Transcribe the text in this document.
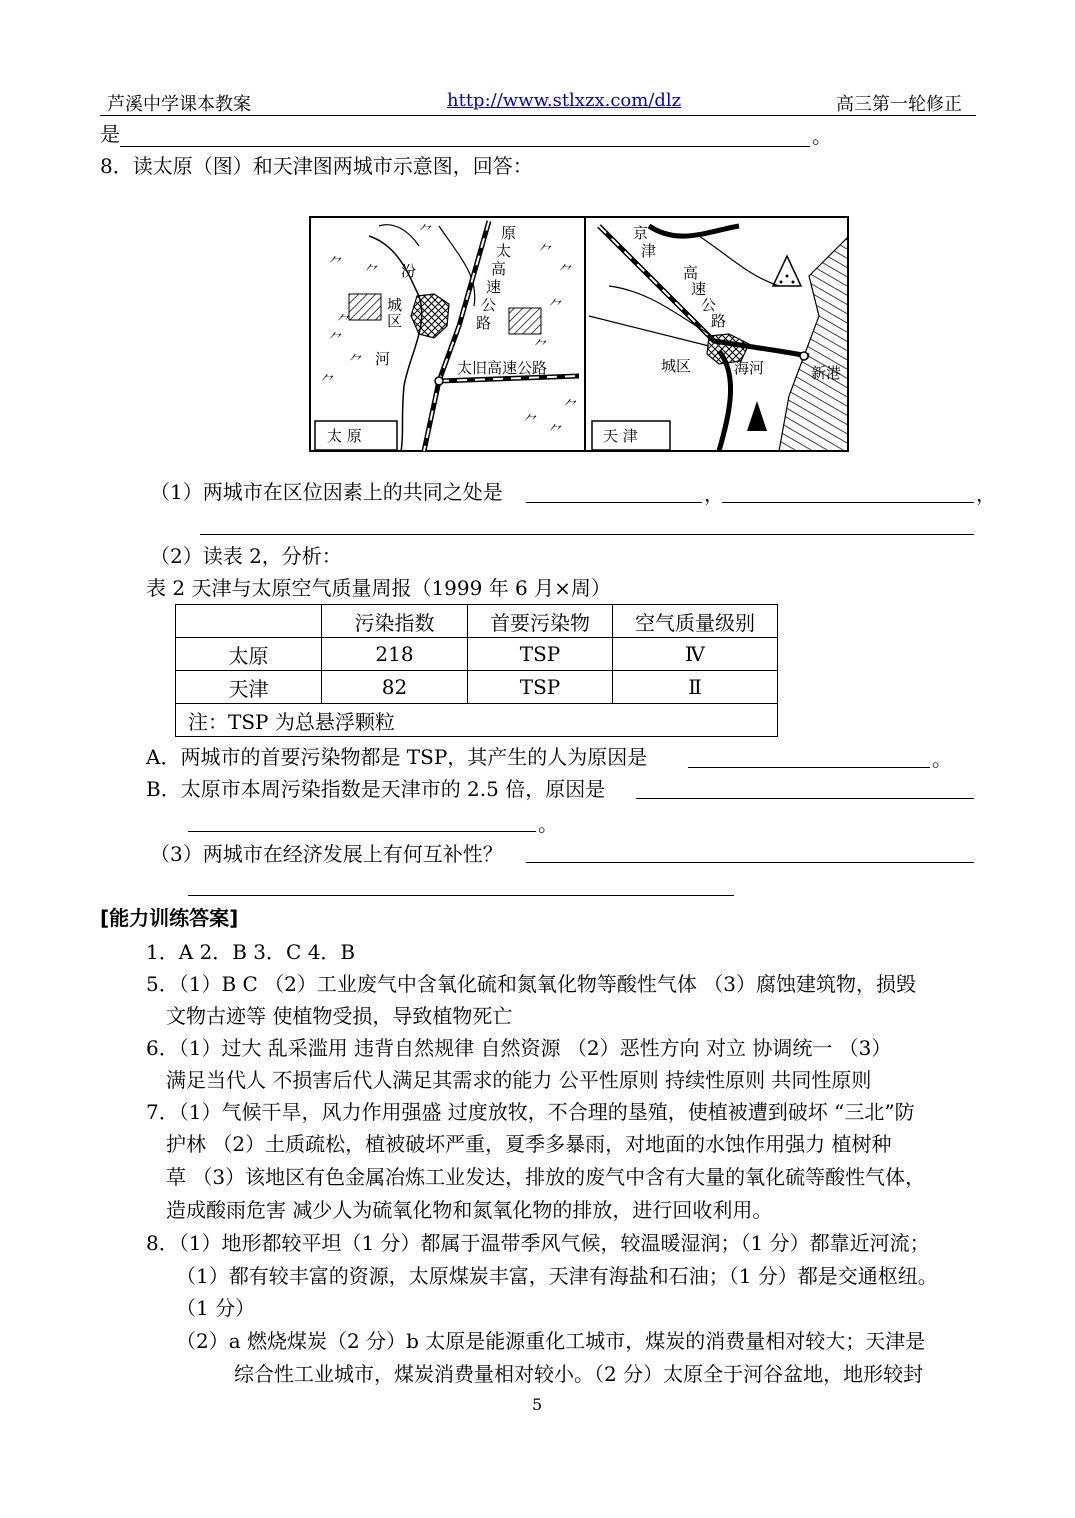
芦溪中学课本教案	http://www.stlxzx.com/dlz	高三第一轮修正
是	。
8．读太原（图）和天津图两城市示意图，回答：
⺈ ⺈
⺈
⺈
⺈
⺈
⺈
⺈
⺈
⺈
⺈
⺈
⺈
⺈
太 原
汾
河
城
区
原
太
高
速
公
路
太旧高速公路
天 津
京
津
高
速
公
路
城区	海河	新港
（1）两城市在区位因素上的共同之处是	，	，
（2）读表 2，分析：
表 2 天津与太原空气质量周报（1999 年 6 月×周）
	污染指数	首要污染物	空气质量级别
太原	218	TSP	Ⅳ
天津	82	TSP	Ⅱ
注：TSP 为总悬浮颗粒			
A．两城市的首要污染物都是 TSP，其产生的人为原因是	。
B．太原市本周污染指数是天津市的 2.5 倍，原因是
。
（3）两城市在经济发展上有何互补性？
[能力训练答案]
1．A 2．B 3．C 4．B
5．（1）B C （2）工业废气中含氧化硫和氮氧化物等酸性气体 （3）腐蚀建筑物，损毁
文物古迹等 使植物受损，导致植物死亡
6．（1）过大 乱采滥用 违背自然规律 自然资源 （2）恶性方向 对立 协调统一 （3）
满足当代人 不损害后代人满足其需求的能力 公平性原则 持续性原则 共同性原则
7．（1）气候干旱，风力作用强盛 过度放牧，不合理的垦殖，使植被遭到破坏 “三北”防
护林 （2）土质疏松，植被破坏严重，夏季多暴雨，对地面的水蚀作用强力 植树种
草 （3）该地区有色金属冶炼工业发达，排放的废气中含有大量的氧化硫等酸性气体，
造成酸雨危害 减少人为硫氧化物和氮氧化物的排放，进行回收利用。
8．（1）地形都较平坦（1 分）都属于温带季风气候，较温暖湿润；（1 分）都靠近河流；
（1）都有较丰富的资源，太原煤炭丰富，天津有海盐和石油；（1 分）都是交通枢纽。
（1 分）
（2）a 燃烧煤炭（2 分）b 太原是能源重化工城市，煤炭的消费量相对较大；天津是
综合性工业城市，煤炭消费量相对较小。（2 分）太原全于河谷盆地，地形较封
5
